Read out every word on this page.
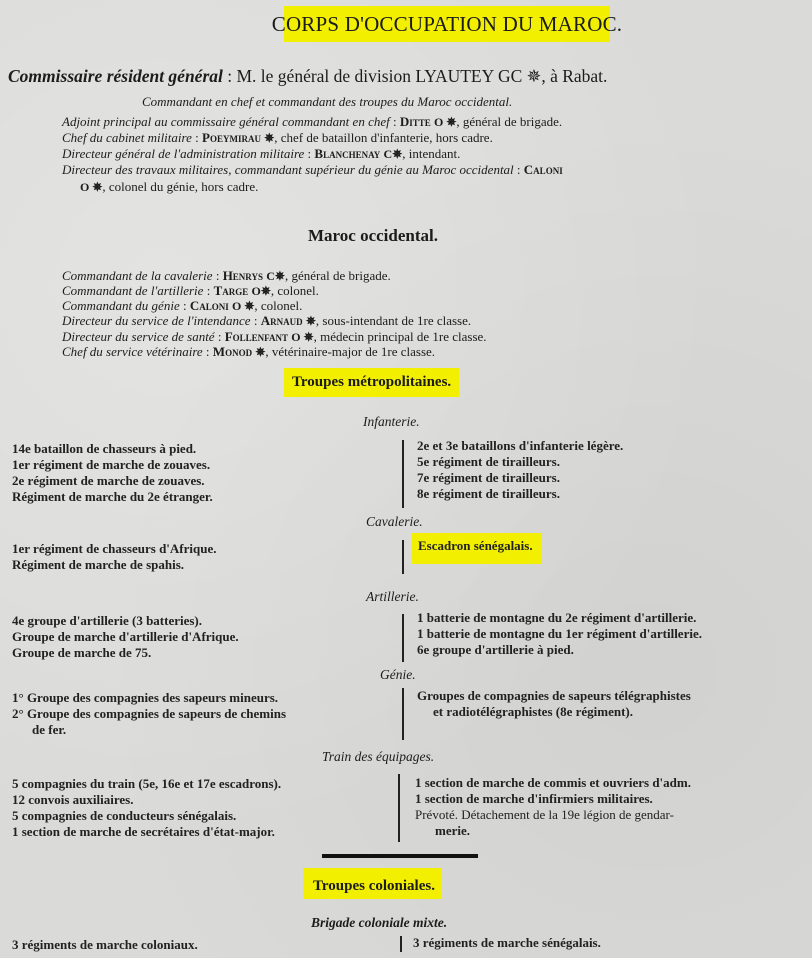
CORPS D'OCCUPATION DU MAROC.
Commissaire résident général : M. le général de division LYAUTEY GC ✵, à Rabat.
Commandant en chef et commandant des troupes du Maroc occidental.
Adjoint principal au commissaire général commandant en chef : Ditte O ✵, général de brigade.
Chef du cabinet militaire : Poeymirau ✵, chef de bataillon d'infanterie, hors cadre.
Directeur général de l'administration militaire : Blanchenay C✵, intendant.
Directeur des travaux militaires, commandant supérieur du génie au Maroc occidental : Caloni
O ✵, colonel du génie, hors cadre.
Maroc occidental.
Commandant de la cavalerie : Henrys C✵, général de brigade.
Commandant de l'artillerie : Targe O✵, colonel.
Commandant du génie : Caloni O ✵, colonel.
Directeur du service de l'intendance : Arnaud ✵, sous-intendant de 1re classe.
Directeur du service de santé : Follenfant O ✵, médecin principal de 1re classe.
Chef du service vétérinaire : Monod ✵, vétérinaire-major de 1re classe.
Troupes métropolitaines.
Infanterie.
14e bataillon de chasseurs à pied.
1er régiment de marche de zouaves.
2e régiment de marche de zouaves.
Régiment de marche du 2e étranger.
2e et 3e bataillons d'infanterie légère.
5e régiment de tirailleurs.
7e régiment de tirailleurs.
8e régiment de tirailleurs.
Cavalerie.
1er régiment de chasseurs d'Afrique.
Régiment de marche de spahis.
Escadron sénégalais.
Artillerie.
4e groupe d'artillerie (3 batteries).
Groupe de marche d'artillerie d'Afrique.
Groupe de marche de 75.
1 batterie de montagne du 2e régiment d'artillerie.
1 batterie de montagne du 1er régiment d'artillerie.
6e groupe d'artillerie à pied.
Génie.
1° Groupe des compagnies des sapeurs mineurs.
2° Groupe des compagnies de sapeurs de chemins
de fer.
Groupes de compagnies de sapeurs télégraphistes
et radiotélégraphistes (8e régiment).
Train des équipages.
5 compagnies du train (5e, 16e et 17e escadrons).
12 convois auxiliaires.
5 compagnies de conducteurs sénégalais.
1 section de marche de secrétaires d'état-major.
1 section de marche de commis et ouvriers d'adm.
1 section de marche d'infirmiers militaires.
Prévoté. Détachement de la 19e légion de gendar-
merie.
Troupes coloniales.
Brigade coloniale mixte.
3 régiments de marche coloniaux.	3 régiments de marche sénégalais.
